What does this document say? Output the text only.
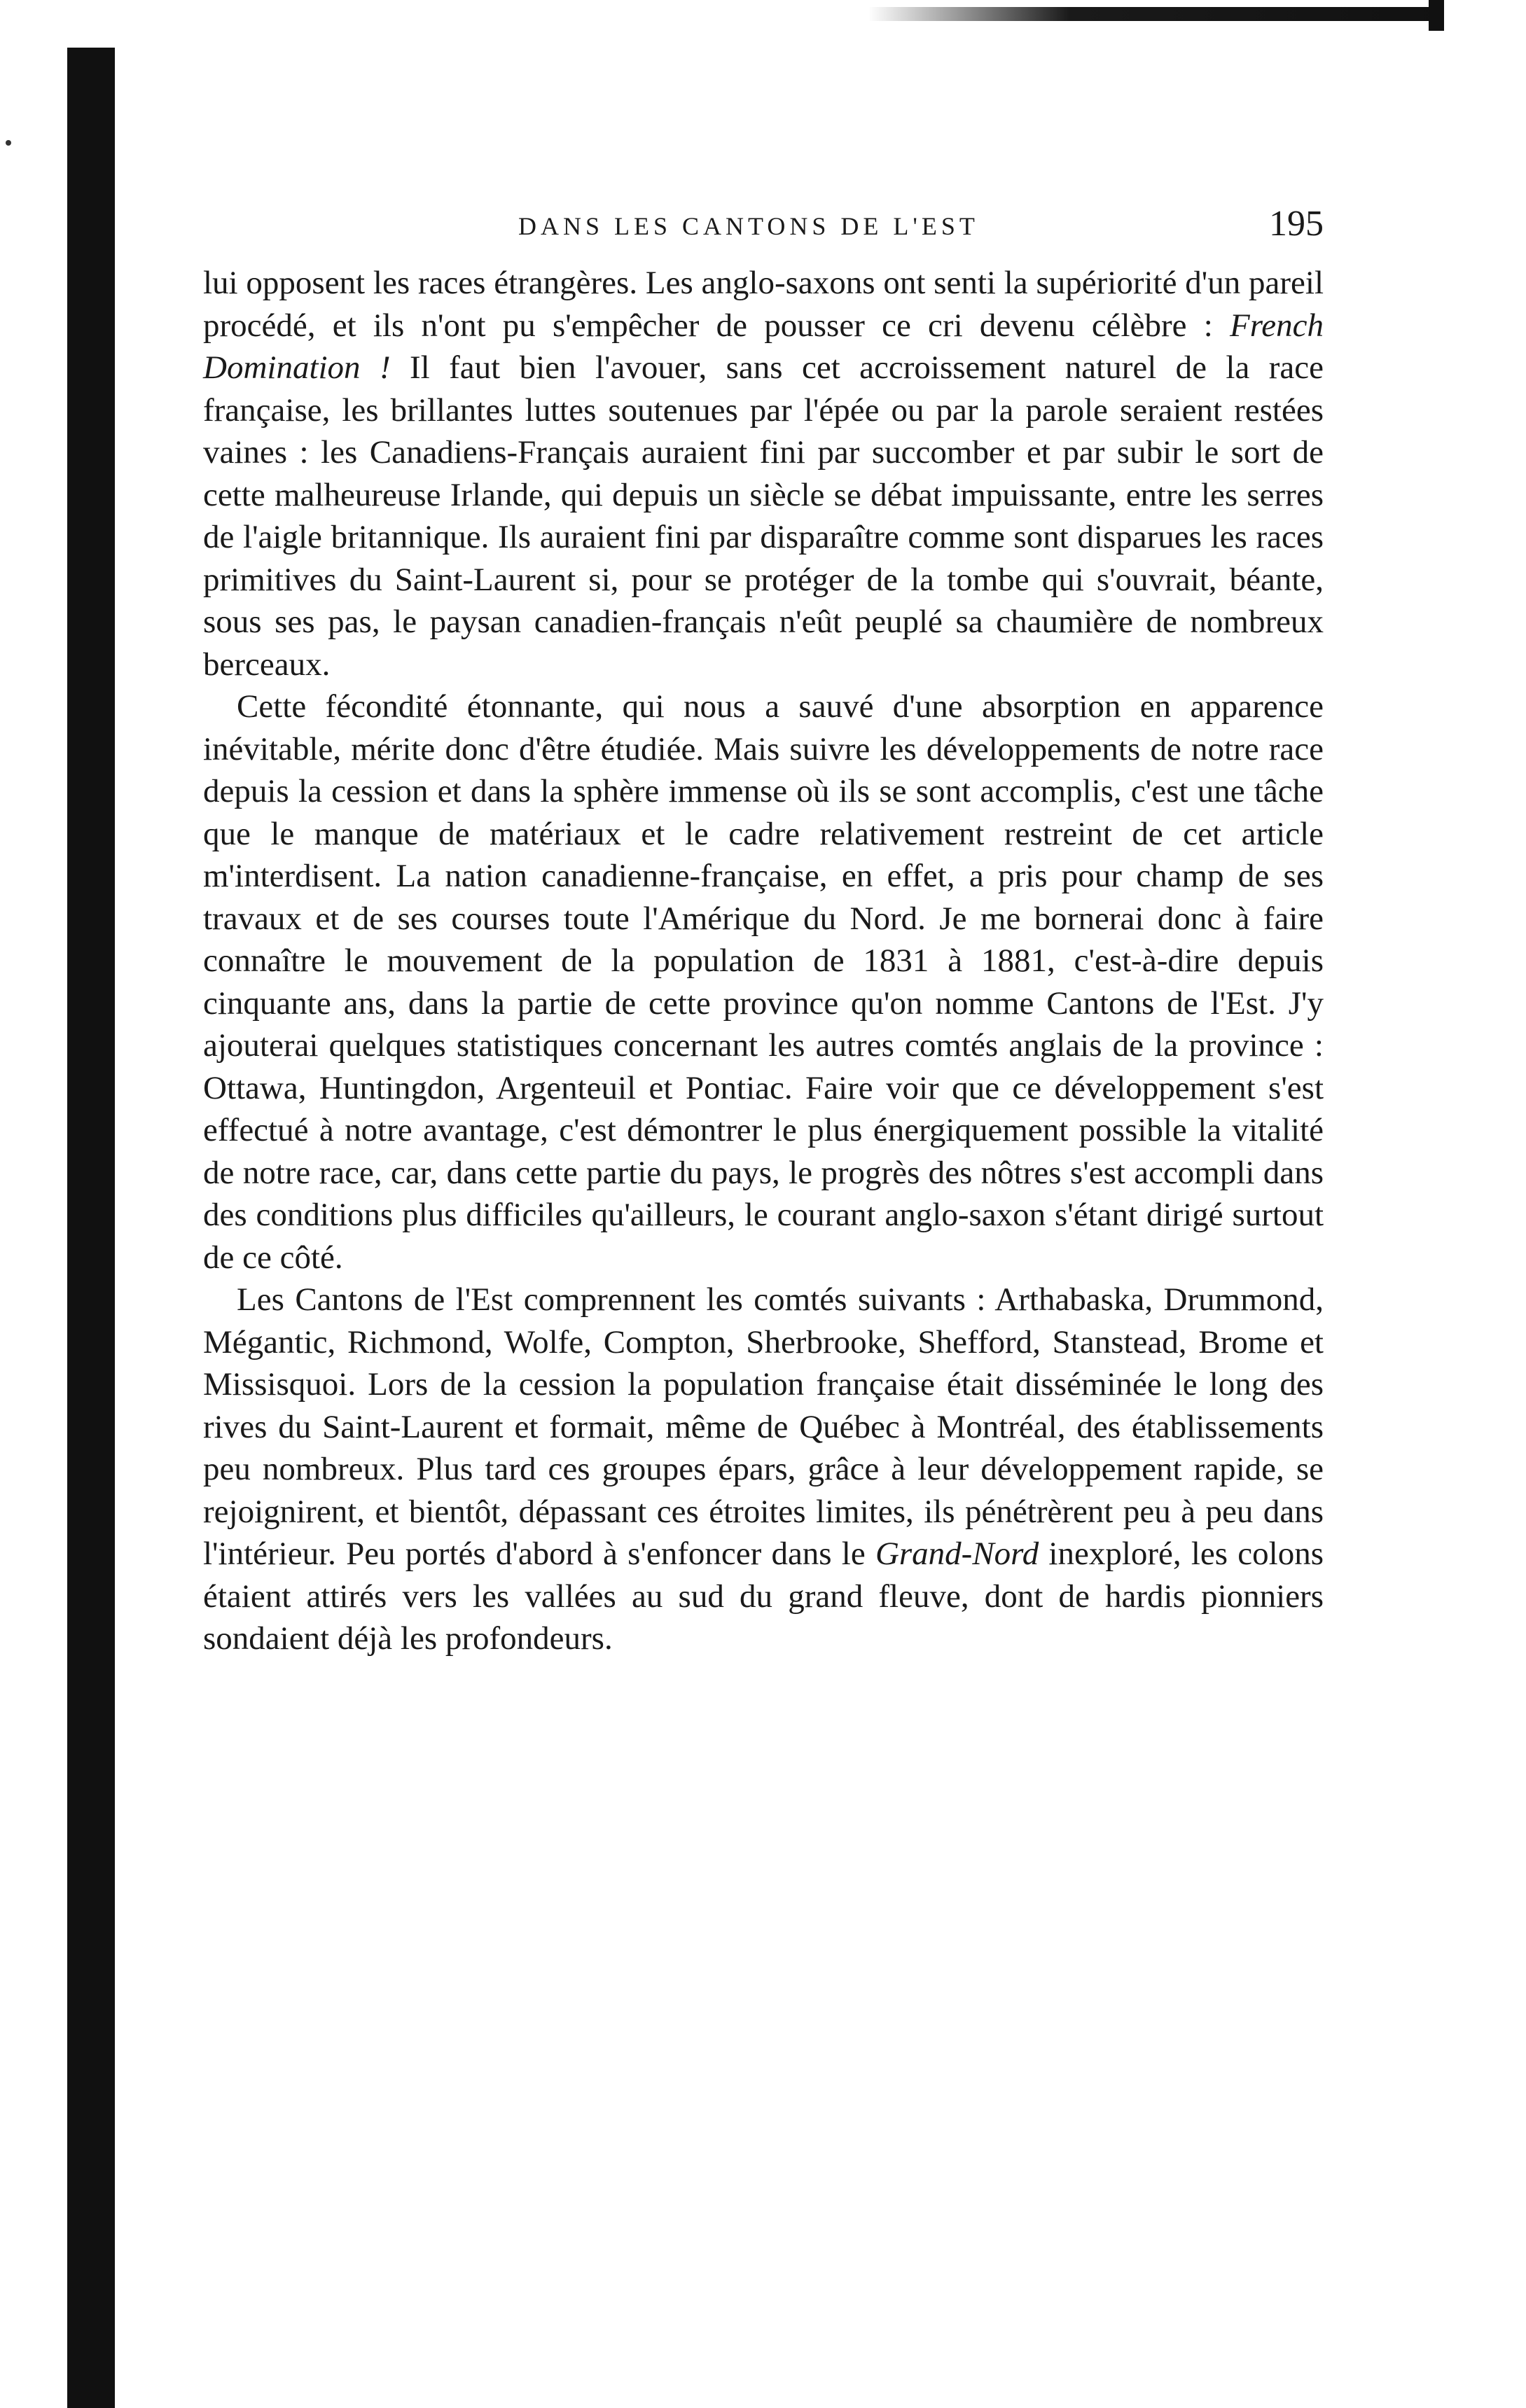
DANS LES CANTONS DE L'EST	195

lui opposent les races étrangères. Les anglo-saxons ont senti la supériorité d'un pareil procédé, et ils n'ont pu s'empêcher de pousser ce cri devenu célèbre : French Domination ! Il faut bien l'avouer, sans cet accroissement naturel de la race française, les brillantes luttes soutenues par l'épée ou par la parole seraient restées vaines : les Canadiens-Français auraient fini par succomber et par subir le sort de cette malheureuse Irlande, qui depuis un siècle se débat impuissante, entre les serres de l'aigle britannique. Ils auraient fini par disparaître comme sont disparues les races primitives du Saint-Laurent si, pour se protéger de la tombe qui s'ouvrait, béante, sous ses pas, le paysan canadien-français n'eût peuplé sa chaumière de nombreux berceaux.

Cette fécondité étonnante, qui nous a sauvé d'une absorption en apparence inévitable, mérite donc d'être étudiée. Mais suivre les développements de notre race depuis la cession et dans la sphère immense où ils se sont accomplis, c'est une tâche que le manque de matériaux et le cadre relativement restreint de cet article m'interdisent. La nation canadienne-française, en effet, a pris pour champ de ses travaux et de ses courses toute l'Amérique du Nord. Je me bornerai donc à faire connaître le mouvement de la population de 1831 à 1881, c'est-à-dire depuis cinquante ans, dans la partie de cette province qu'on nomme Cantons de l'Est. J'y ajouterai quelques statistiques concernant les autres comtés anglais de la province : Ottawa, Huntingdon, Argenteuil et Pontiac. Faire voir que ce développement s'est effectué à notre avantage, c'est démontrer le plus énergiquement possible la vitalité de notre race, car, dans cette partie du pays, le progrès des nôtres s'est accompli dans des conditions plus difficiles qu'ailleurs, le courant anglo-saxon s'étant dirigé surtout de ce côté.

Les Cantons de l'Est comprennent les comtés suivants : Arthabaska, Drummond, Mégantic, Richmond, Wolfe, Compton, Sherbrooke, Shefford, Stanstead, Brome et Missisquoi. Lors de la cession la population française était disséminée le long des rives du Saint-Laurent et formait, même de Québec à Montréal, des établissements peu nombreux. Plus tard ces groupes épars, grâce à leur développement rapide, se rejoignirent, et bientôt, dépassant ces étroites limites, ils pénétrèrent peu à peu dans l'intérieur. Peu portés d'abord à s'enfoncer dans le Grand-Nord inexploré, les colons étaient attirés vers les vallées au sud du grand fleuve, dont de hardis pionniers sondaient déjà les profondeurs.
